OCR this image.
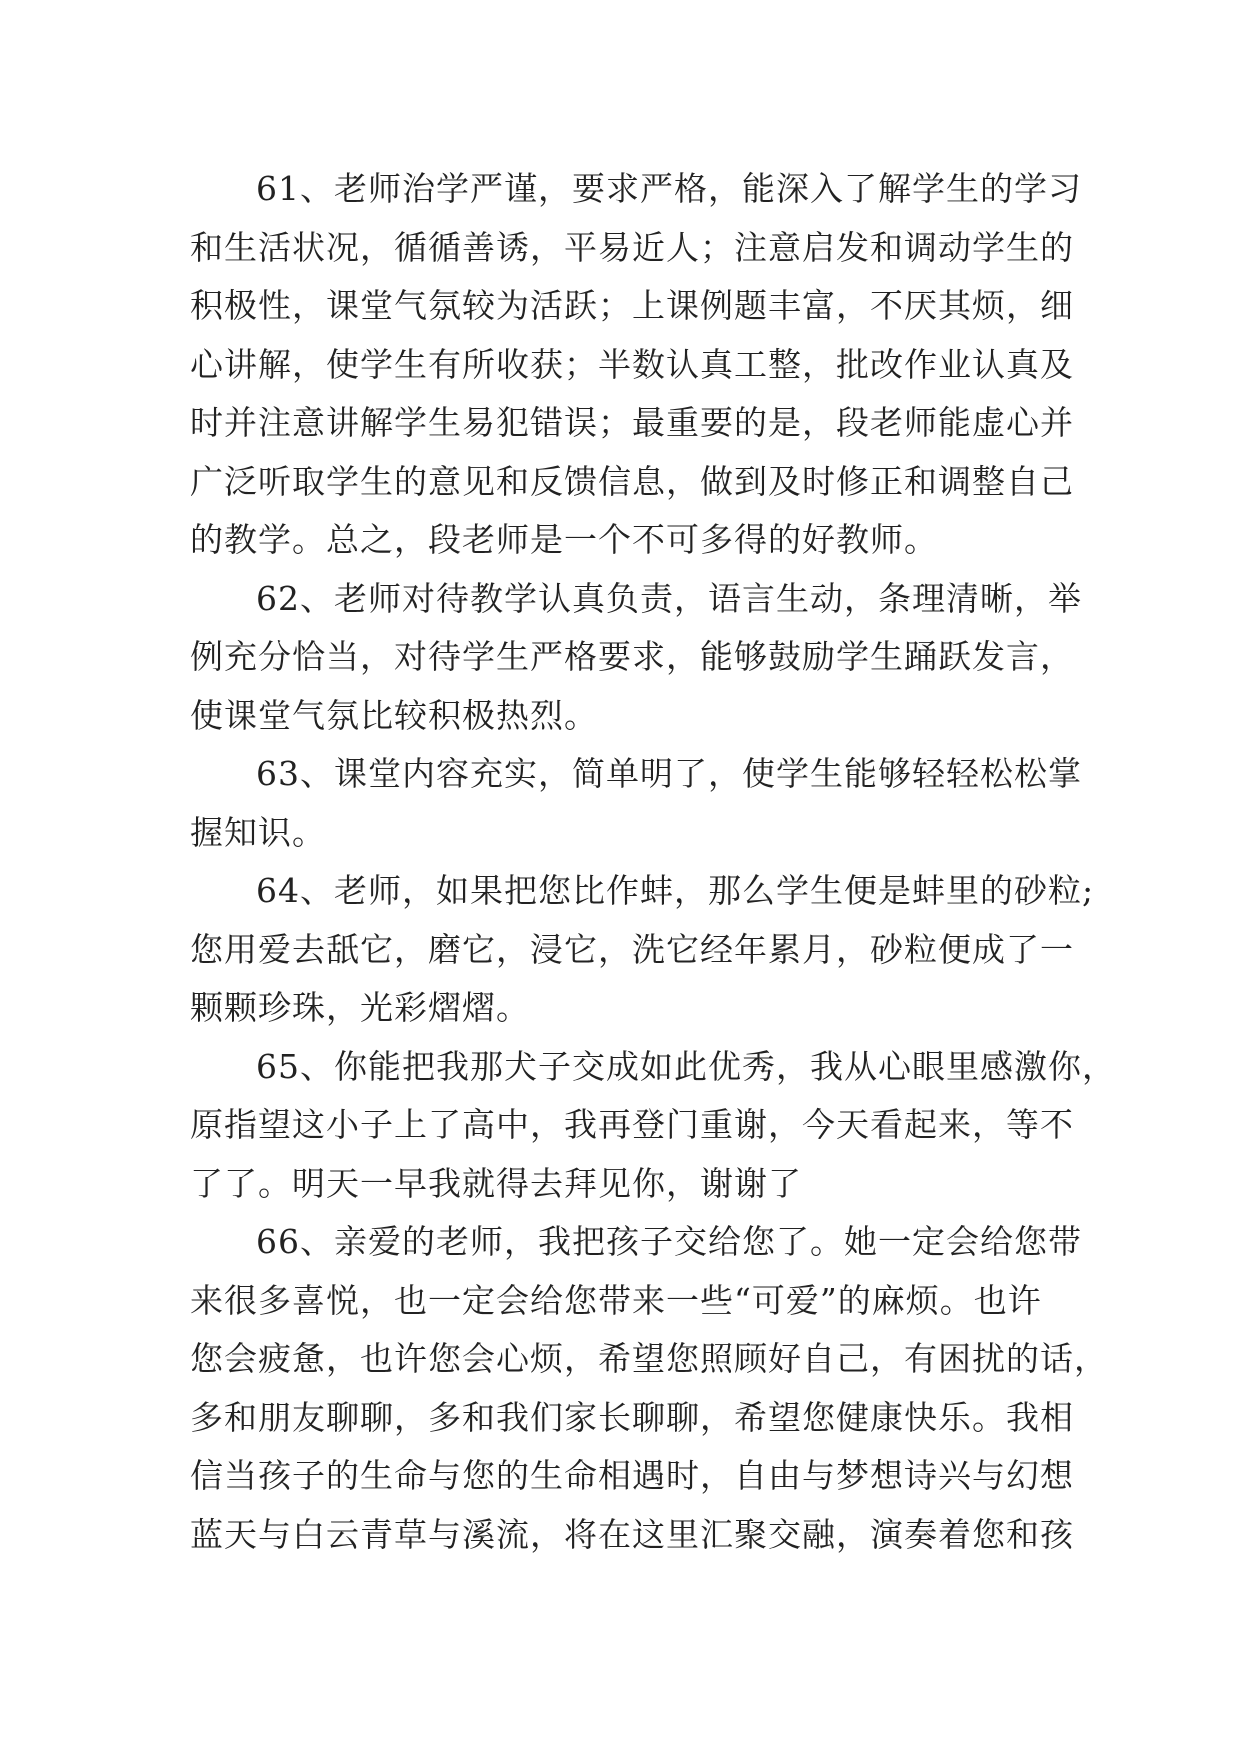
61、老师治学严谨，要求严格，能深入了解学生的学习
和生活状况，循循善诱，平易近人；注意启发和调动学生的
积极性，课堂气氛较为活跃；上课例题丰富，不厌其烦，细
心讲解，使学生有所收获；半数认真工整，批改作业认真及
时并注意讲解学生易犯错误；最重要的是，段老师能虚心并
广泛听取学生的意见和反馈信息，做到及时修正和调整自己
的教学。总之，段老师是一个不可多得的好教师。
62、老师对待教学认真负责，语言生动，条理清晰，举
例充分恰当，对待学生严格要求，能够鼓励学生踊跃发言，
使课堂气氛比较积极热烈。
63、课堂内容充实，简单明了，使学生能够轻轻松松掌
握知识。
64、老师，如果把您比作蚌，那么学生便是蚌里的砂粒;
您用爱去舐它，磨它，浸它，洗它经年累月，砂粒便成了一
颗颗珍珠，光彩熠熠。
65、你能把我那犬子交成如此优秀，我从心眼里感激你，
原指望这小子上了高中，我再登门重谢，今天看起来，等不
了了。明天一早我就得去拜见你，谢谢了
66、亲爱的老师，我把孩子交给您了。她一定会给您带
来很多喜悦，也一定会给您带来一些“可爱”的麻烦。也许
您会疲惫，也许您会心烦，希望您照顾好自己，有困扰的话，
多和朋友聊聊，多和我们家长聊聊，希望您健康快乐。我相
信当孩子的生命与您的生命相遇时，自由与梦想诗兴与幻想
蓝天与白云青草与溪流，将在这里汇聚交融，演奏着您和孩
